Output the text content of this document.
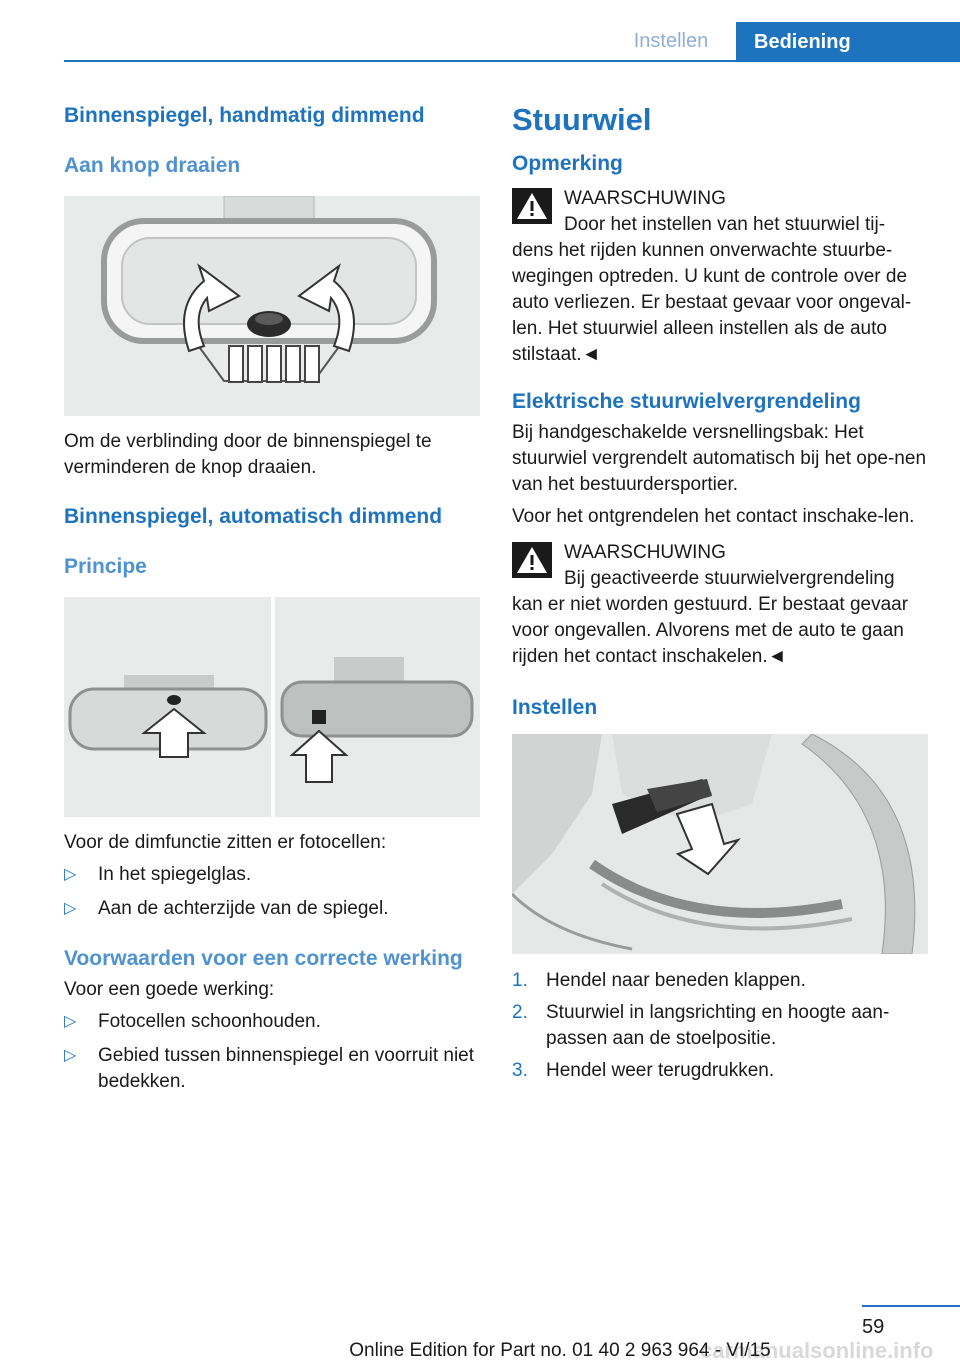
Instellen	Bediening
Binnenspiegel, handmatig dimmend
Aan knop draaien

Om de verblinding door de binnenspiegel te verminderen de knop draaien.

Binnenspiegel, automatisch dimmend
Principe

Voor de dimfunctie zitten er fotocellen:

▷ In het spiegelglas.
▷ Aan de achterzijde van de spiegel.
Voorwaarden voor een correcte werking

Voor een goede werking:

▷ Fotocellen schoonhouden.
▷ Gebied tussen binnenspiegel en voorruit niet bedekken.
Stuurwiel
Opmerking
WAARSCHUWING
Door het instellen van het stuurwiel tij-

dens het rijden kunnen onverwachte stuurbe-wegingen optreden. U kunt de controle over de auto verliezen. Er bestaat gevaar voor ongeval-len. Het stuurwiel alleen instellen als de auto stilstaat.◄

Elektrische stuurwielvergrendeling

Bij handgeschakelde versnellingsbak: Het stuurwiel vergrendelt automatisch bij het ope-nen van het bestuurdersportier.

Voor het ontgrendelen het contact inschake-len.

WAARSCHUWING
Bij geactiveerde stuurwielvergrendeling

kan er niet worden gestuurd. Er bestaat gevaar voor ongevallen. Alvorens met de auto te gaan rijden het contact inschakelen.◄

Instellen
1. Hendel naar beneden klappen.
2. Stuurwiel in langsrichting en hoogte aan-passen aan de stoelpositie.
3. Hendel weer terugdrukken.
59
carmanualsonline.info
Online Edition for Part no. 01 40 2 963 964 - VI/15
